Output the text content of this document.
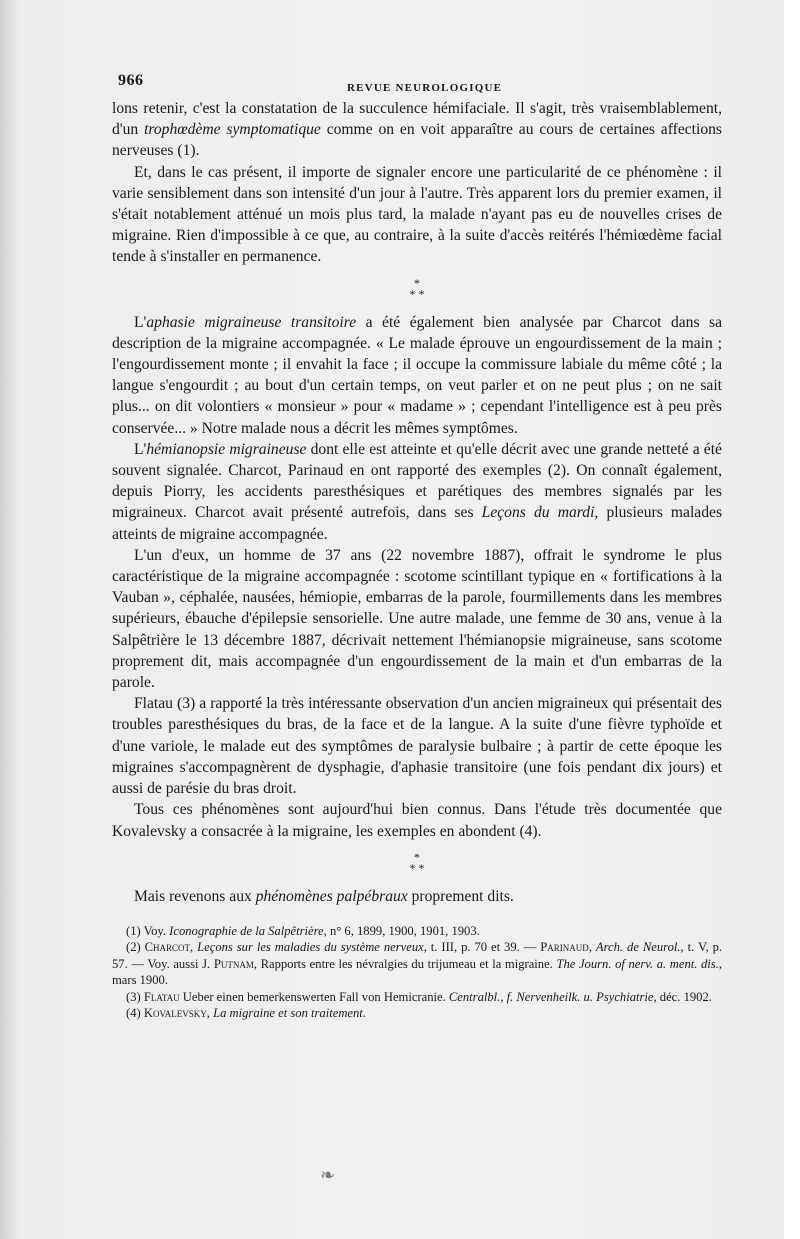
966	REVUE NEUROLOGIQUE

lons retenir, c'est la constatation de la succulence hémifaciale. Il s'agit, très vraisemblablement, d'un trophœdème symptomatique comme on en voit apparaître au cours de certaines affections nerveuses (1).

Et, dans le cas présent, il importe de signaler encore une particularité de ce phénomène : il varie sensiblement dans son intensité d'un jour à l'autre. Très apparent lors du premier examen, il s'était notablement atténué un mois plus tard, la malade n'ayant pas eu de nouvelles crises de migraine. Rien d'impossible à ce que, au contraire, à la suite d'accès reitérés l'hémiœdème facial tende à s'installer en permanence.

*
* *

L'aphasie migraineuse transitoire a été également bien analysée par Charcot dans sa description de la migraine accompagnée. « Le malade éprouve un engourdissement de la main ; l'engourdissement monte ; il envahit la face ; il occupe la commissure labiale du même côté ; la langue s'engourdit ; au bout d'un certain temps, on veut parler et on ne peut plus ; on ne sait plus... on dit volontiers « monsieur » pour « madame » ; cependant l'intelligence est à peu près conservée... » Notre malade nous a décrit les mêmes symptômes.

L'hémianopsie migraineuse dont elle est atteinte et qu'elle décrit avec une grande netteté a été souvent signalée. Charcot, Parinaud en ont rapporté des exemples (2). On connaît également, depuis Piorry, les accidents paresthésiques et parétiques des membres signalés par les migraineux. Charcot avait présenté autrefois, dans ses Leçons du mardi, plusieurs malades atteints de migraine accompagnée.

L'un d'eux, un homme de 37 ans (22 novembre 1887), offrait le syndrome le plus caractéristique de la migraine accompagnée : scotome scintillant typique en « fortifications à la Vauban », céphalée, nausées, hémiopie, embarras de la parole, fourmillements dans les membres supérieurs, ébauche d'épilepsie sensorielle. Une autre malade, une femme de 30 ans, venue à la Salpêtrière le 13 décembre 1887, décrivait nettement l'hémianopsie migraineuse, sans scotome proprement dit, mais accompagnée d'un engourdissement de la main et d'un embarras de la parole.

Flatau (3) a rapporté la très intéressante observation d'un ancien migraineux qui présentait des troubles paresthésiques du bras, de la face et de la langue. A la suite d'une fièvre typhoïde et d'une variole, le malade eut des symptômes de paralysie bulbaire ; à partir de cette époque les migraines s'accompagnèrent de dysphagie, d'aphasie transitoire (une fois pendant dix jours) et aussi de parésie du bras droit.

Tous ces phénomènes sont aujourd'hui bien connus. Dans l'étude très documentée que Kovalevsky a consacrée à la migraine, les exemples en abondent (4).

*
* *

Mais revenons aux phénomènes palpébraux proprement dits.

(1) Voy. Iconographie de la Salpêtrière, n° 6, 1899, 1900, 1901, 1903.

(2) Charcot, Leçons sur les maladies du système nerveux, t. III, p. 70 et 39. — Parinaud, Arch. de Neurol., t. V, p. 57. — Voy. aussi J. Putnam, Rapports entre les névralgies du trijumeau et la migraine. The Journ. of nerv. a. ment. dis., mars 1900.

(3) Flatau Ueber einen bemerkenswerten Fall von Hemicranie. Centralbl., f. Nervenheilk. u. Psychiatrie, déc. 1902.

(4) Kovalevsky, La migraine et son traitement.

❧
